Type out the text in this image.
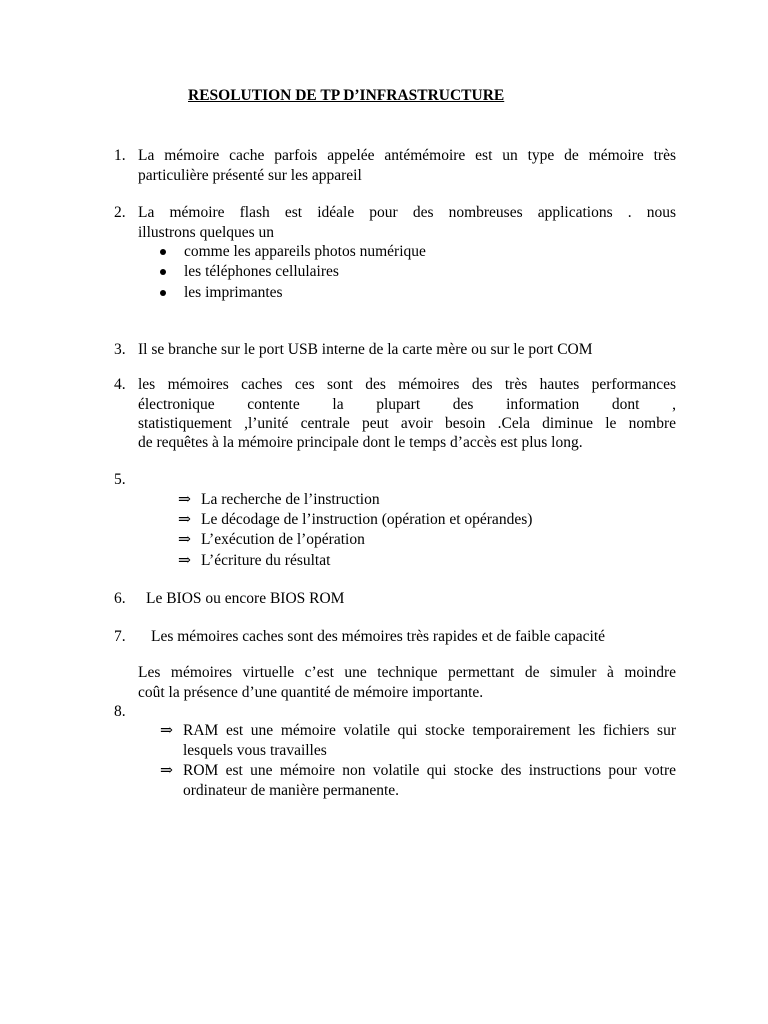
RESOLUTION DE TP D’INFRASTRUCTURE
1. La mémoire cache parfois appelée antémémoire est un type de mémoire très
particulière présenté sur les appareil
2. La mémoire flash est idéale pour des nombreuses applications . nous
illustrons quelques un
comme les appareils photos numérique
les téléphones cellulaires
les imprimantes
3. Il se branche sur le port USB interne de la carte mère ou sur le port COM
4. les mémoires caches ces sont des mémoires des très hautes performances
électronique contente la plupart des information dont ,
statistiquement ,l’unité centrale peut avoir besoin .Cela diminue le nombre
de requêtes à la mémoire principale dont le temps d’accès est plus long.
5.
⇒ La recherche de l’instruction
⇒ Le décodage de l’instruction (opération et opérandes)
⇒ L’exécution de l’opération
⇒ L’écriture du résultat
6. Le BIOS ou encore BIOS ROM
7. Les mémoires caches sont des mémoires très rapides et de faible capacité
Les mémoires virtuelle c’est une technique permettant de simuler à moindre
coût la présence d’une quantité de mémoire importante.
8.
⇒ RAM est une mémoire volatile qui stocke temporairement les fichiers sur lesquels vous travailles
⇒ ROM est une mémoire non volatile qui stocke des instructions pour votre ordinateur de manière permanente.
